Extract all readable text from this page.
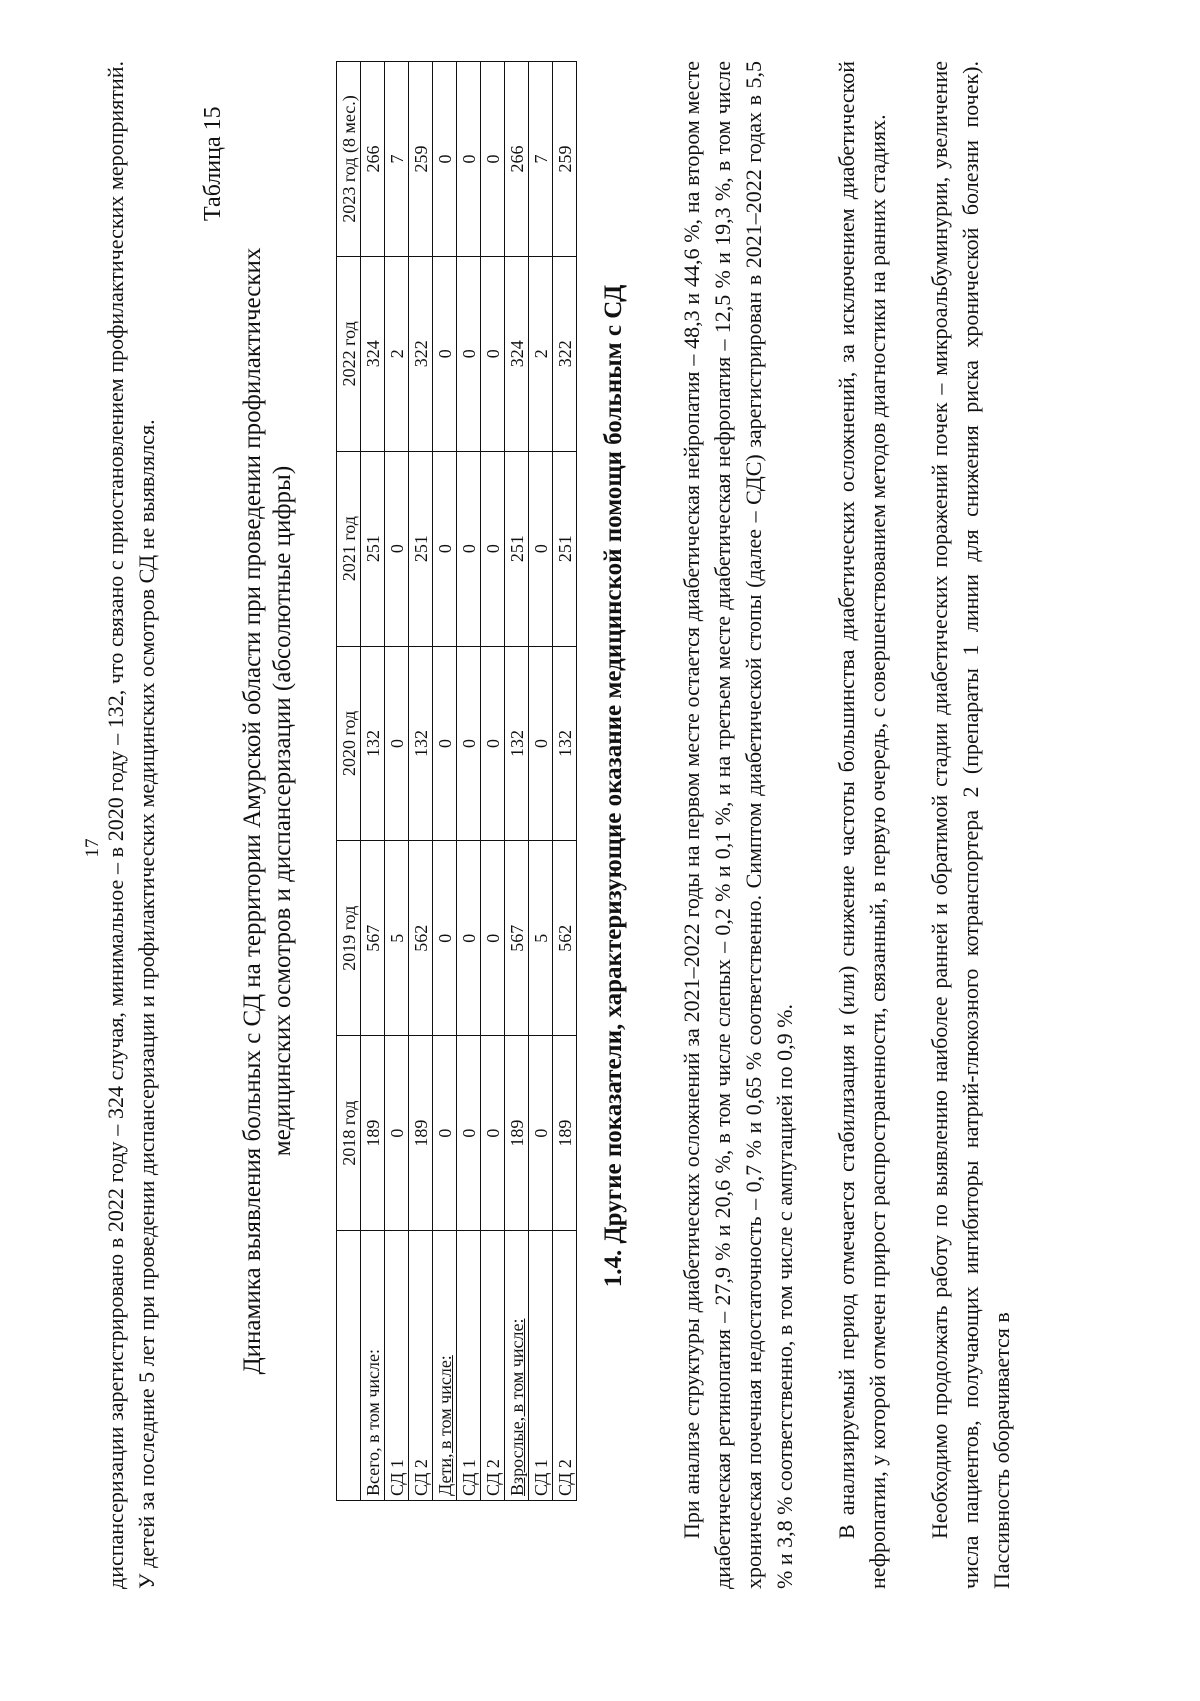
17 диспансеризации зарегистрировано в 2022 году – 324 случая, минимальное – в 2020 году – 132, что связано с приостановлением профилактических мероприятий. У детей за последние 5 лет при проведении диспансеризации и профилактических медицинских осмотров СД не выявлялся.

Таблица 15
Динамика выявления больных с СД на территории Амурской области при проведении профилактических медицинских осмотров и диспансеризации (абсолютные цифры)
	2018 год	2019 год	2020 год	2021 год	2022 год	2023 год (8 мес.)
Всего, в том числе:	189	567	132	251	324	266
СД 1	0	5	0	0	2	7
СД 2	189	562	132	251	322	259
Дети, в том числе:	0	0	0	0	0	0
СД 1	0	0	0	0	0	0
СД 2	0	0	0	0	0	0
Взрослые, в том числе:	189	567	132	251	324	266
СД 1	0	5	0	0	2	7
СД 2	189	562	132	251	322	259
1.4. Другие показатели, характеризующие оказание медицинской помощи больным с СД При анализе структуры диабетических осложнений за 2021–2022 годы на первом месте остается диабетическая нейропатия – 48,3 и 44,6 %, на втором месте диабетическая ретинопатия – 27,9 % и 20,6 %, в том числе слепых – 0,2 % и 0,1 %, и на третьем месте диабетическая нефропатия – 12,5 % и 19,3 %, в том числе хроническая почечная недостаточность – 0,7 % и 0,65 % соответственно. Симптом диабетической стопы (далее – СДС) зарегистрирован в 2021–2022 годах в 5,5 % и 3,8 % соответственно, в том числе с ампутацией по 0,9 %. В анализируемый период отмечается стабилизация и (или) снижение частоты большинства диабетических осложнений, за исключением диабетической нефропатии, у которой отмечен прирост распространенности, связанный, в первую очередь, с совершенствованием методов диагностики на ранних стадиях. Необходимо продолжать работу по выявлению наиболее ранней и обратимой стадии диабетических поражений почек – микроальбуминурии, увеличение числа пациентов, получающих ингибиторы натрий-глюкозного котранспортера 2 (препараты 1 линии для снижения риска хронической болезни почек). Пассивность оборачивается в
